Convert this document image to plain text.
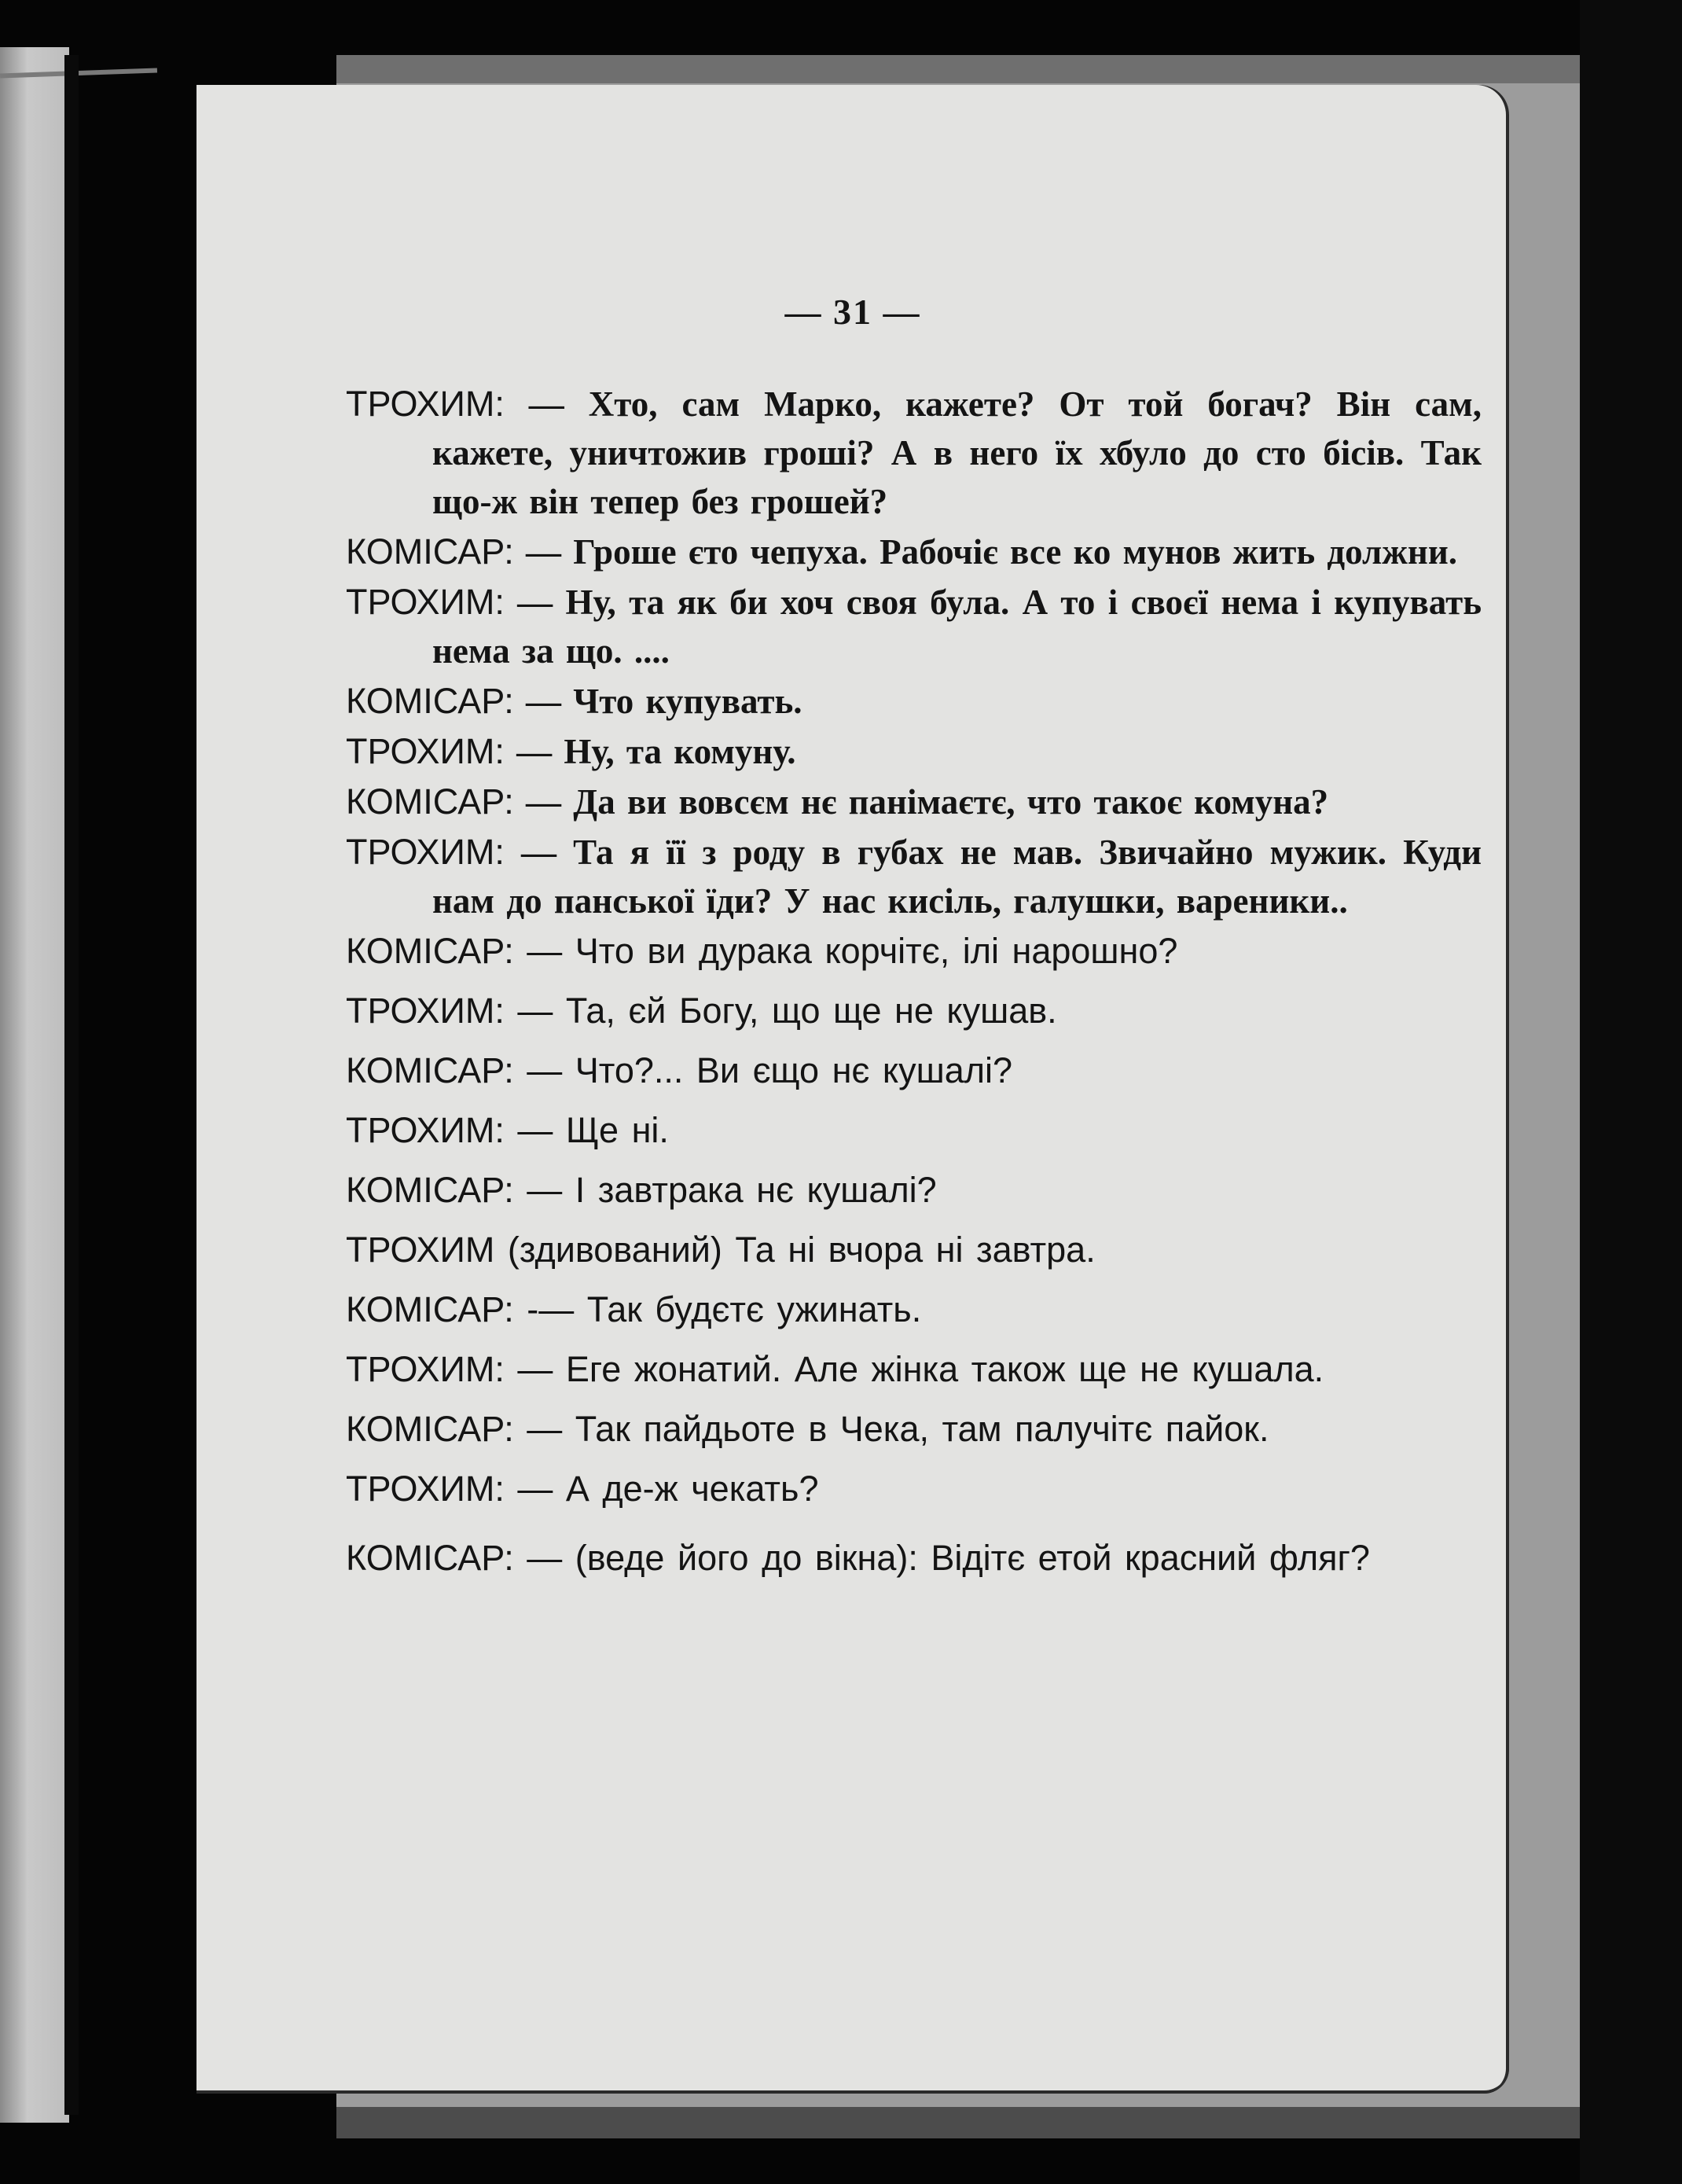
— 31 —

ТРОХИМ: — Хто, сам Марко, кажете? От той богач? Він сам, кажете, уничтожив гроші? А в него їх хбуло до сто бісів. Так що-ж він тепер без грошей?

КОМІСАР: — Гроше єто чепуха. Рабочіє все ко мунов жить должни.

ТРОХИМ: — Ну, та як би хоч своя була. А то і своєї нема і купувать нема за що. ....

КОМІСАР: — Что купувать.

ТРОХИМ: — Ну, та комуну.

КОМІСАР: — Да ви вовсєм нє панімаєтє, что такоє комуна?

ТРОХИМ: — Та я її з роду в губах не мав. Звичайно мужик. Куди нам до панської їди? У нас кисіль, галушки, вареники..

КОМІСАР: — Что ви дурака корчітє, ілі нарошно?

ТРОХИМ: — Та, єй Богу, що ще не кушав.

КОМІСАР: — Что?... Ви єщо нє кушалі?

ТРОХИМ: — Ще ні.

КОМІСАР: — І завтрака нє кушалі?

ТРОХИМ (здивований) Та ні вчора ні завтра.

КОМІСАР: -— Так будєтє ужинать.

ТРОХИМ: — Еге жонатий. Але жінка також ще не кушала.

КОМІСАР: — Так пайдьоте в Чека, там палучітє пайок.

ТРОХИМ: — А де-ж чекать?

КОМІСАР: — (веде його до вікна): Відітє етой красний фляг?
